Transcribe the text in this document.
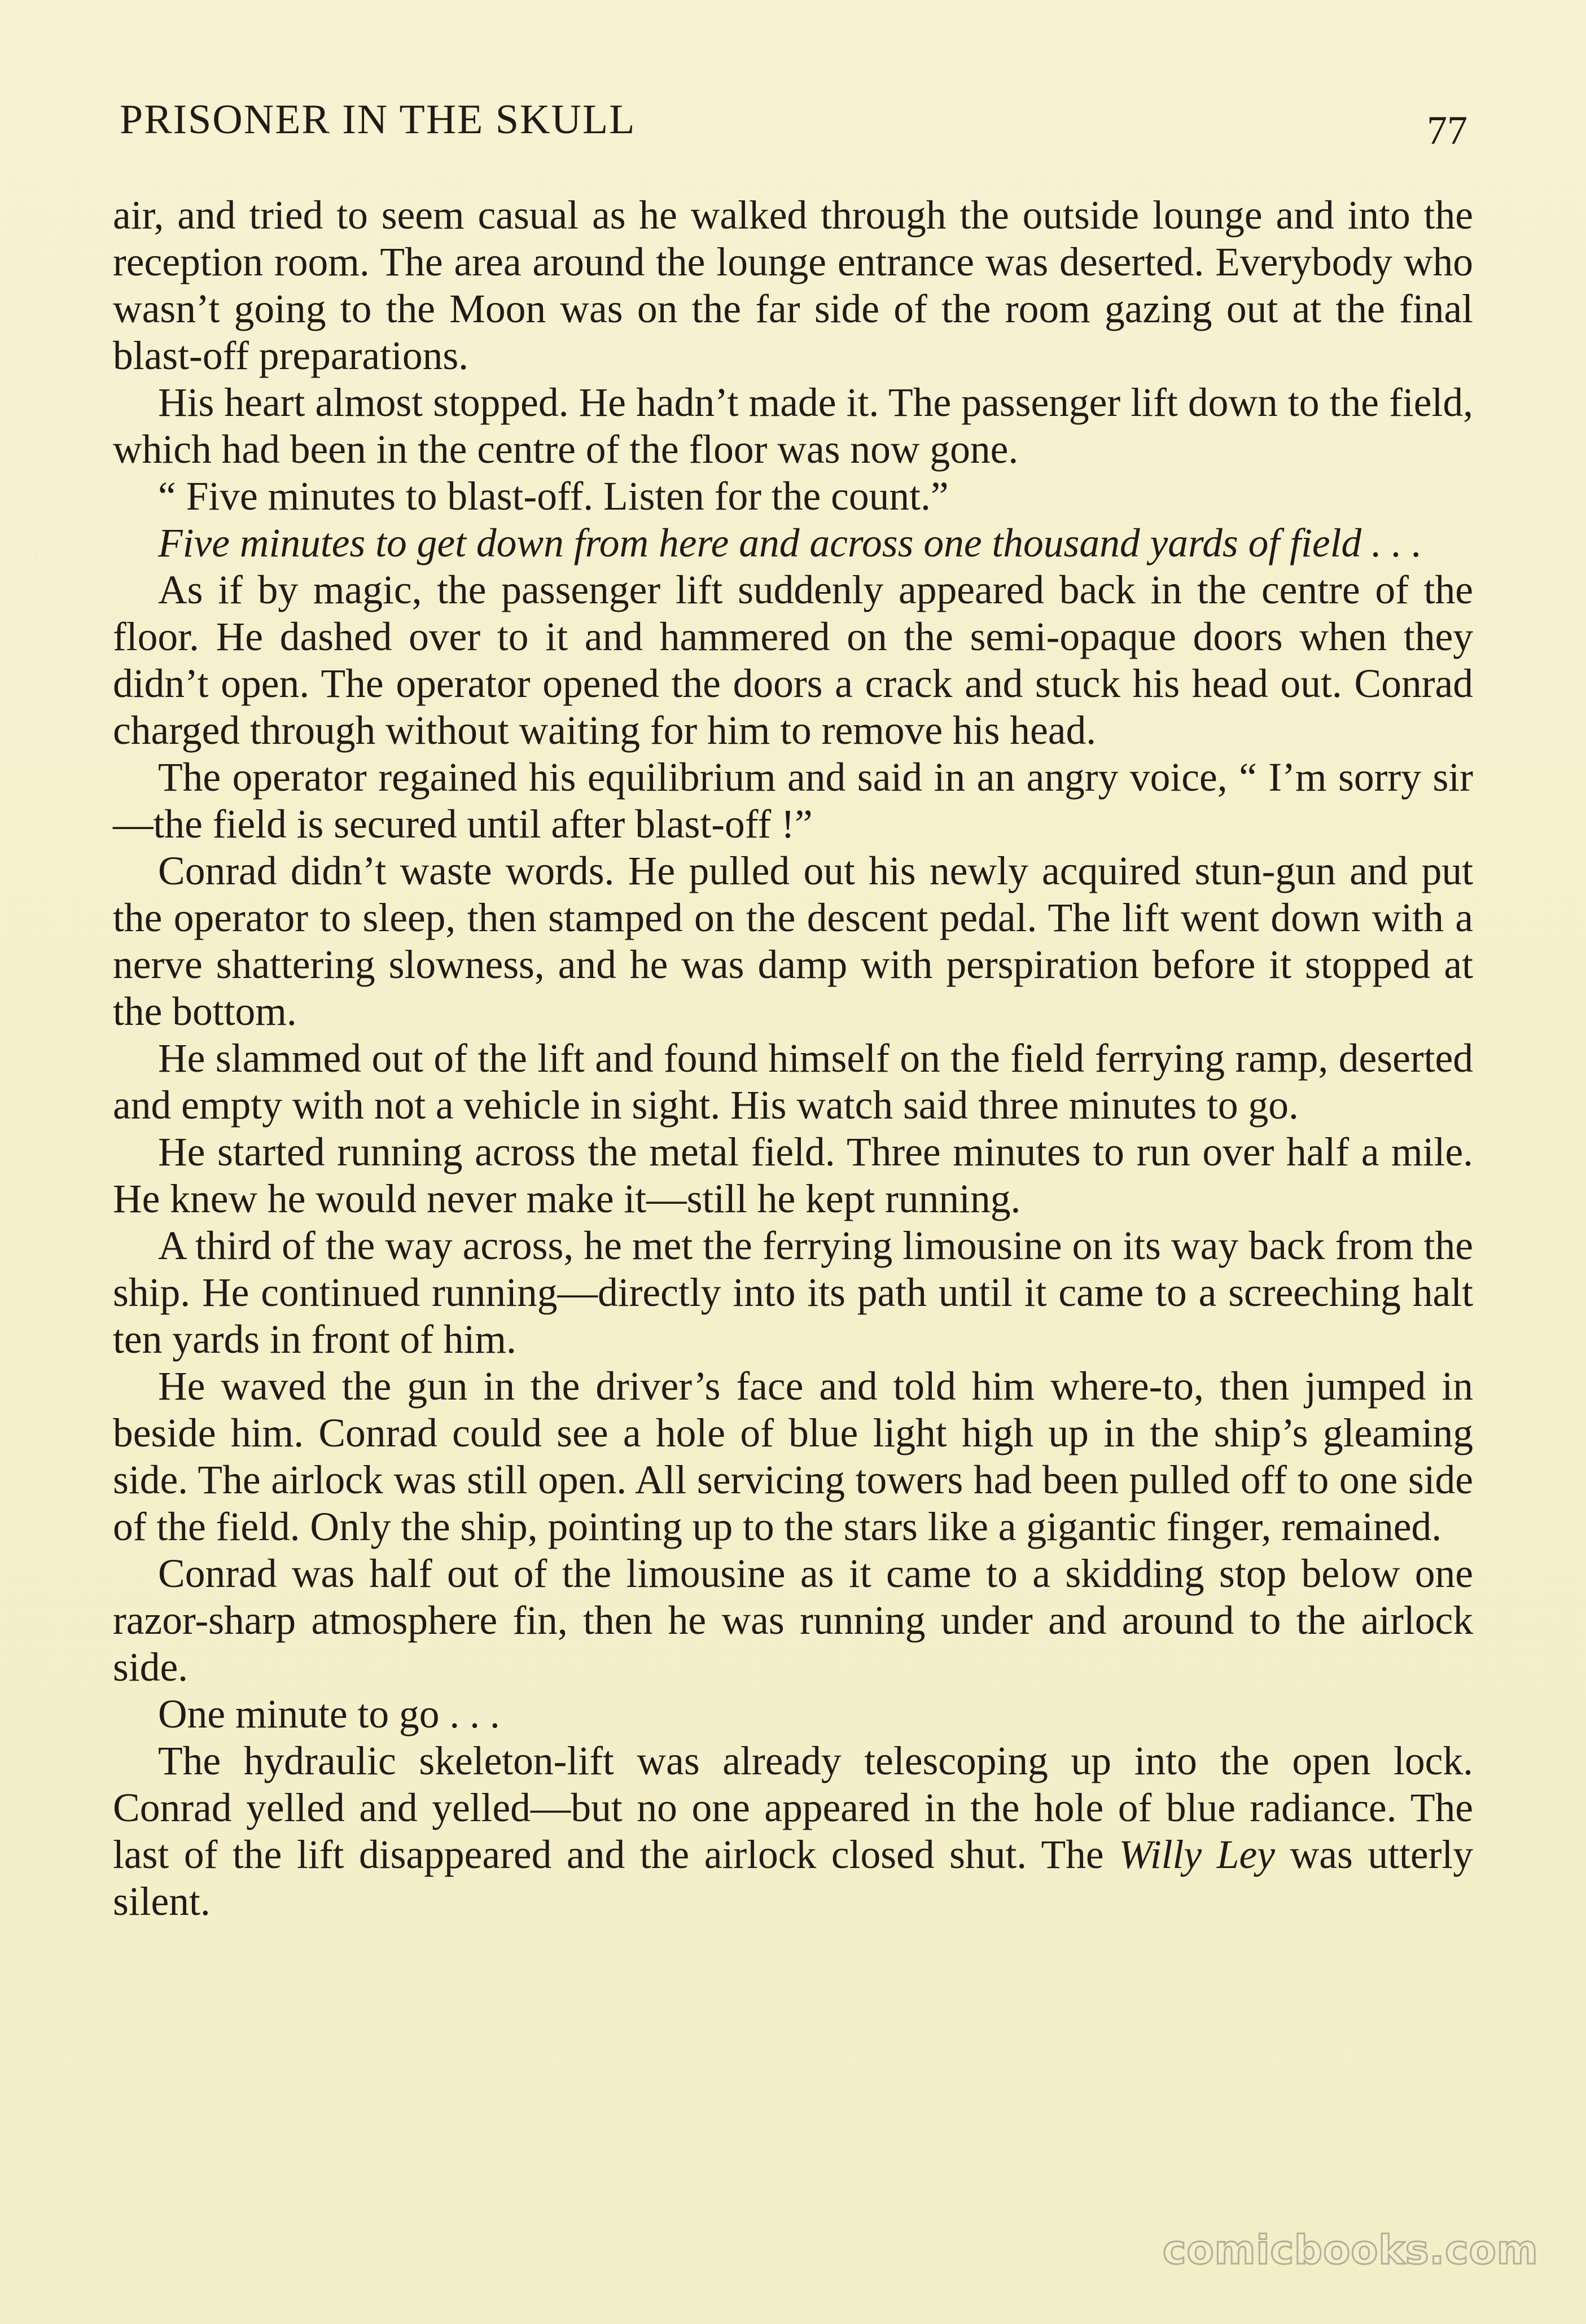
PRISONER IN THE SKULL	77

air, and tried to seem casual as he walked through the outside lounge and into the reception room. The area around the lounge entrance was deserted. Everybody who wasn’t going to the Moon was on the far side of the room gazing out at the final blast-off preparations.

His heart almost stopped. He hadn’t made it. The passenger lift down to the field, which had been in the centre of the floor was now gone.

“ Five minutes to blast-off. Listen for the count.”

Five minutes to get down from here and across one thousand yards of field . . .

As if by magic, the passenger lift suddenly appeared back in the centre of the floor. He dashed over to it and hammered on the semi-opaque doors when they didn’t open. The operator opened the doors a crack and stuck his head out. Conrad charged through without waiting for him to remove his head.

The operator regained his equilibrium and said in an angry voice, “ I’m sorry sir—the field is secured until after blast-off !”

Conrad didn’t waste words. He pulled out his newly acquired stun-gun and put the operator to sleep, then stamped on the descent pedal. The lift went down with a nerve shattering slowness, and he was damp with perspiration before it stopped at the bottom.

He slammed out of the lift and found himself on the field ferrying ramp, deserted and empty with not a vehicle in sight. His watch said three minutes to go.

He started running across the metal field. Three minutes to run over half a mile. He knew he would never make it—still he kept running.

A third of the way across, he met the ferrying limousine on its way back from the ship. He continued running—directly into its path until it came to a screeching halt ten yards in front of him.

He waved the gun in the driver’s face and told him where-to, then jumped in beside him. Conrad could see a hole of blue light high up in the ship’s gleaming side. The airlock was still open. All servicing towers had been pulled off to one side of the field. Only the ship, pointing up to the stars like a gigantic finger, remained.

Conrad was half out of the limousine as it came to a skidding stop below one razor-sharp atmosphere fin, then he was running under and around to the airlock side.

One minute to go . . .

The hydraulic skeleton-lift was already telescoping up into the open lock. Conrad yelled and yelled—but no one appeared in the hole of blue radiance. The last of the lift disappeared and the airlock closed shut. The Willy Ley was utterly silent.

comicbooks.com
